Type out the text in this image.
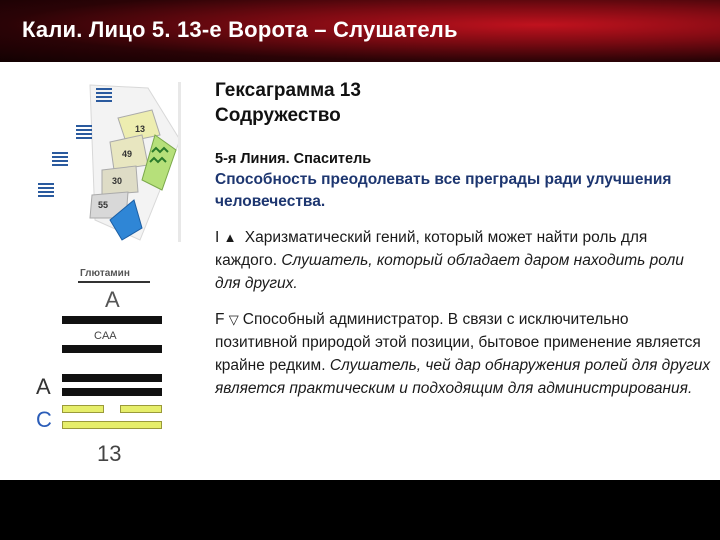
Кали. Лицо 5. 13-е Ворота – Слушатель
13
49
30
55
Глютамин
A
CAA
A
C
13
Гексаграмма 13
Содружество
5-я Линия. Спаситель
Способность преодолевать все преграды ради улучшения человечества.
I ▲ Харизматический гений, который может найти роль для каждого. Слушатель, который обладает даром находить роли для других.
F ▽ Способный администратор. В связи с исключительно позитивной природой этой позиции, бытовое применение является крайне редким. Слушатель, чей дар обнаружения ролей для других является практическим и подходящим для администрирования.
